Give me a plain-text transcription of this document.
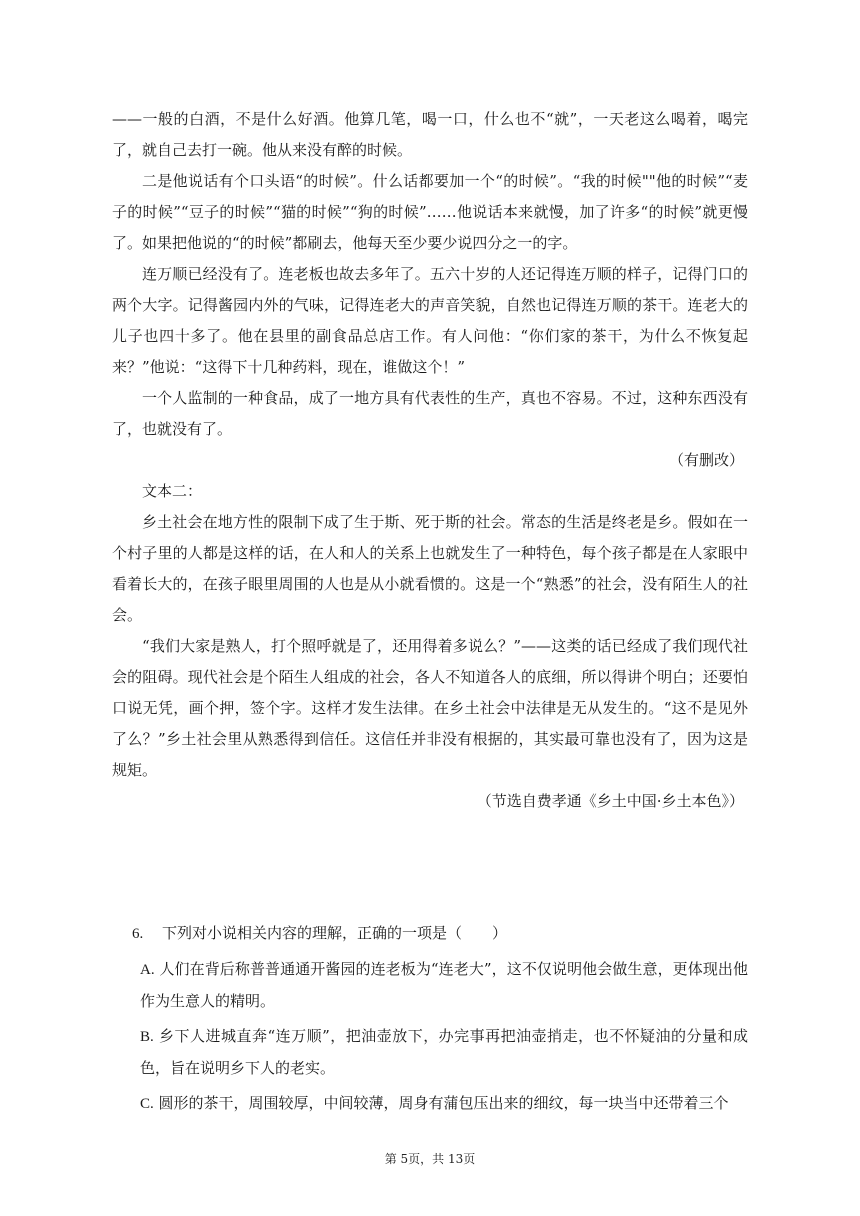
——一般的白酒，不是什么好酒。他算几笔，喝一口，什么也不“就”，一天老这么喝着，喝完了，就自己去打一碗。他从来没有醉的时候。

二是他说话有个口头语“的时候”。什么话都要加一个“的时候”。“我的时候""他的时候”“麦子的时候”“豆子的时候”“猫的时候”“狗的时候”……他说话本来就慢，加了许多“的时候”就更慢了。如果把他说的“的时候”都刷去，他每天至少要少说四分之一的字。

连万顺已经没有了。连老板也故去多年了。五六十岁的人还记得连万顺的样子，记得门口的两个大字。记得酱园内外的气味，记得连老大的声音笑貌，自然也记得连万顺的茶干。连老大的儿子也四十多了。他在县里的副食品总店工作。有人问他：“你们家的茶干，为什么不恢复起来？”他说：“这得下十几种药料，现在，谁做这个！”

一个人监制的一种食品，成了一地方具有代表性的生产，真也不容易。不过，这种东西没有了，也就没有了。

（有删改）

文本二：

乡土社会在地方性的限制下成了生于斯、死于斯的社会。常态的生活是终老是乡。假如在一个村子里的人都是这样的话，在人和人的关系上也就发生了一种特色，每个孩子都是在人家眼中看着长大的，在孩子眼里周围的人也是从小就看惯的。这是一个“熟悉”的社会，没有陌生人的社会。

“我们大家是熟人，打个照呼就是了，还用得着多说么？”——这类的话已经成了我们现代社会的阻碍。现代社会是个陌生人组成的社会，各人不知道各人的底细，所以得讲个明白；还要怕口说无凭，画个押，签个字。这样才发生法律。在乡土社会中法律是无从发生的。“这不是见外了么？”乡土社会里从熟悉得到信任。这信任并非没有根据的，其实最可靠也没有了，因为这是规矩。

（节选自费孝通《乡土中国·乡土本色》）

6. 下列对小说相关内容的理解，正确的一项是（　　）

A. 人们在背后称普普通通开酱园的连老板为“连老大”，这不仅说明他会做生意，更体现出他作为生意人的精明。

B. 乡下人进城直奔“连万顺”，把油壶放下，办完事再把油壶捎走，也不怀疑油的分量和成色，旨在说明乡下人的老实。

C. 圆形的茶干，周围较厚，中间较薄，周身有蒲包压出来的细纹，每一块当中还带着三个

第 5页，共 13页
